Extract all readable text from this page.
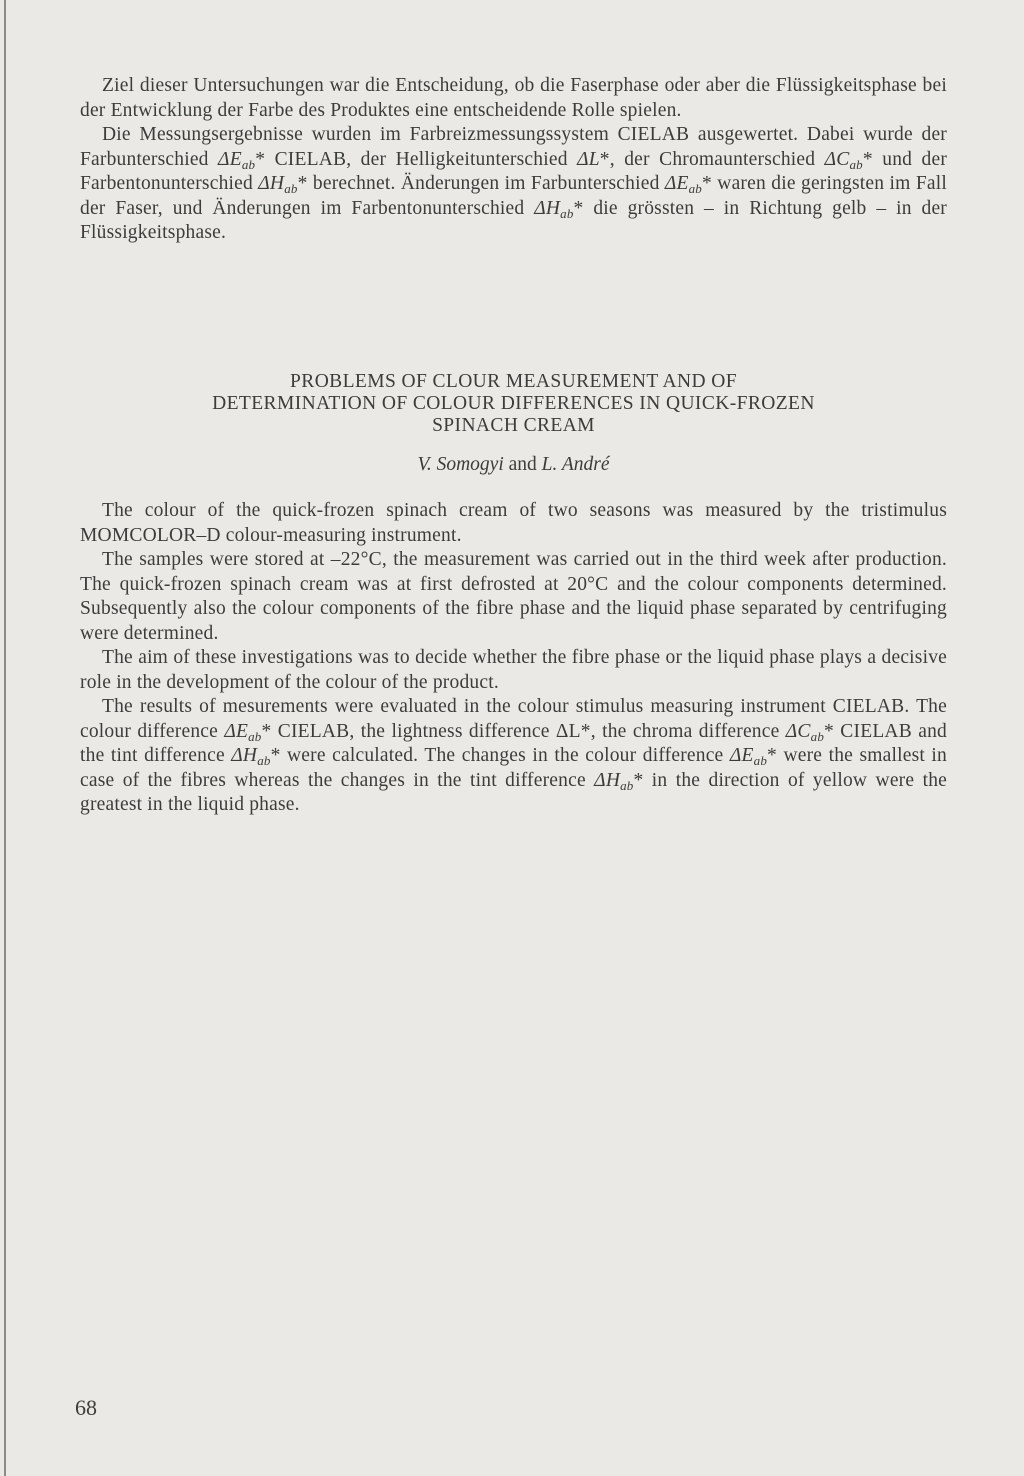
Ziel dieser Untersuchungen war die Entscheidung, ob die Faserphase oder aber die Flüssigkeitsphase bei der Entwicklung der Farbe des Produktes eine entscheidende Rolle spielen.

Die Messungsergebnisse wurden im Farbreizmessungssystem CIELAB ausgewertet. Dabei wurde der Farbunterschied $\Delta E_{ab}*$ CIELAB, der Helligkeitunterschied ΔL*, der Chromaunterschied $\Delta C_{ab}*$ und der Farbentonunterschied $\Delta H_{ab}*$ berechnet. Änderungen im Farbunterschied $\Delta E_{ab}*$ waren die geringsten im Fall der Faser, und Änderungen im Farbentonunterschied $\Delta H_{ab}*$ die grössten – in Richtung gelb – in der Flüssigkeitsphase.

PROBLEMS OF CLOUR MEASUREMENT AND OF
DETERMINATION OF COLOUR DIFFERENCES IN QUICK-FROZEN
SPINACH CREAM
V. Somogyi and L. André

The colour of the quick-frozen spinach cream of two seasons was measured by the tristimulus MOMCOLOR–D colour-measuring instrument.

The samples were stored at –22°C, the measurement was carried out in the third week after production. The quick-frozen spinach cream was at first defrosted at 20°C and the colour components determined. Subsequently also the colour components of the fibre phase and the liquid phase separated by centrifuging were determined.

The aim of these investigations was to decide whether the fibre phase or the liquid phase plays a decisive role in the development of the colour of the product.

The results of mesurements were evaluated in the colour stimulus measuring instrument CIELAB. The colour difference $\Delta E_{ab}*$ CIELAB, the lightness difference ΔL*, the chroma difference $\Delta C_{ab}*$ CIELAB and the tint difference $\Delta H_{ab}*$ were calculated. The changes in the colour difference $\Delta E_{ab}*$ were the smallest in case of the fibres whereas the changes in the tint difference $\Delta H_{ab}*$ in the direction of yellow were the greatest in the liquid phase.

68
